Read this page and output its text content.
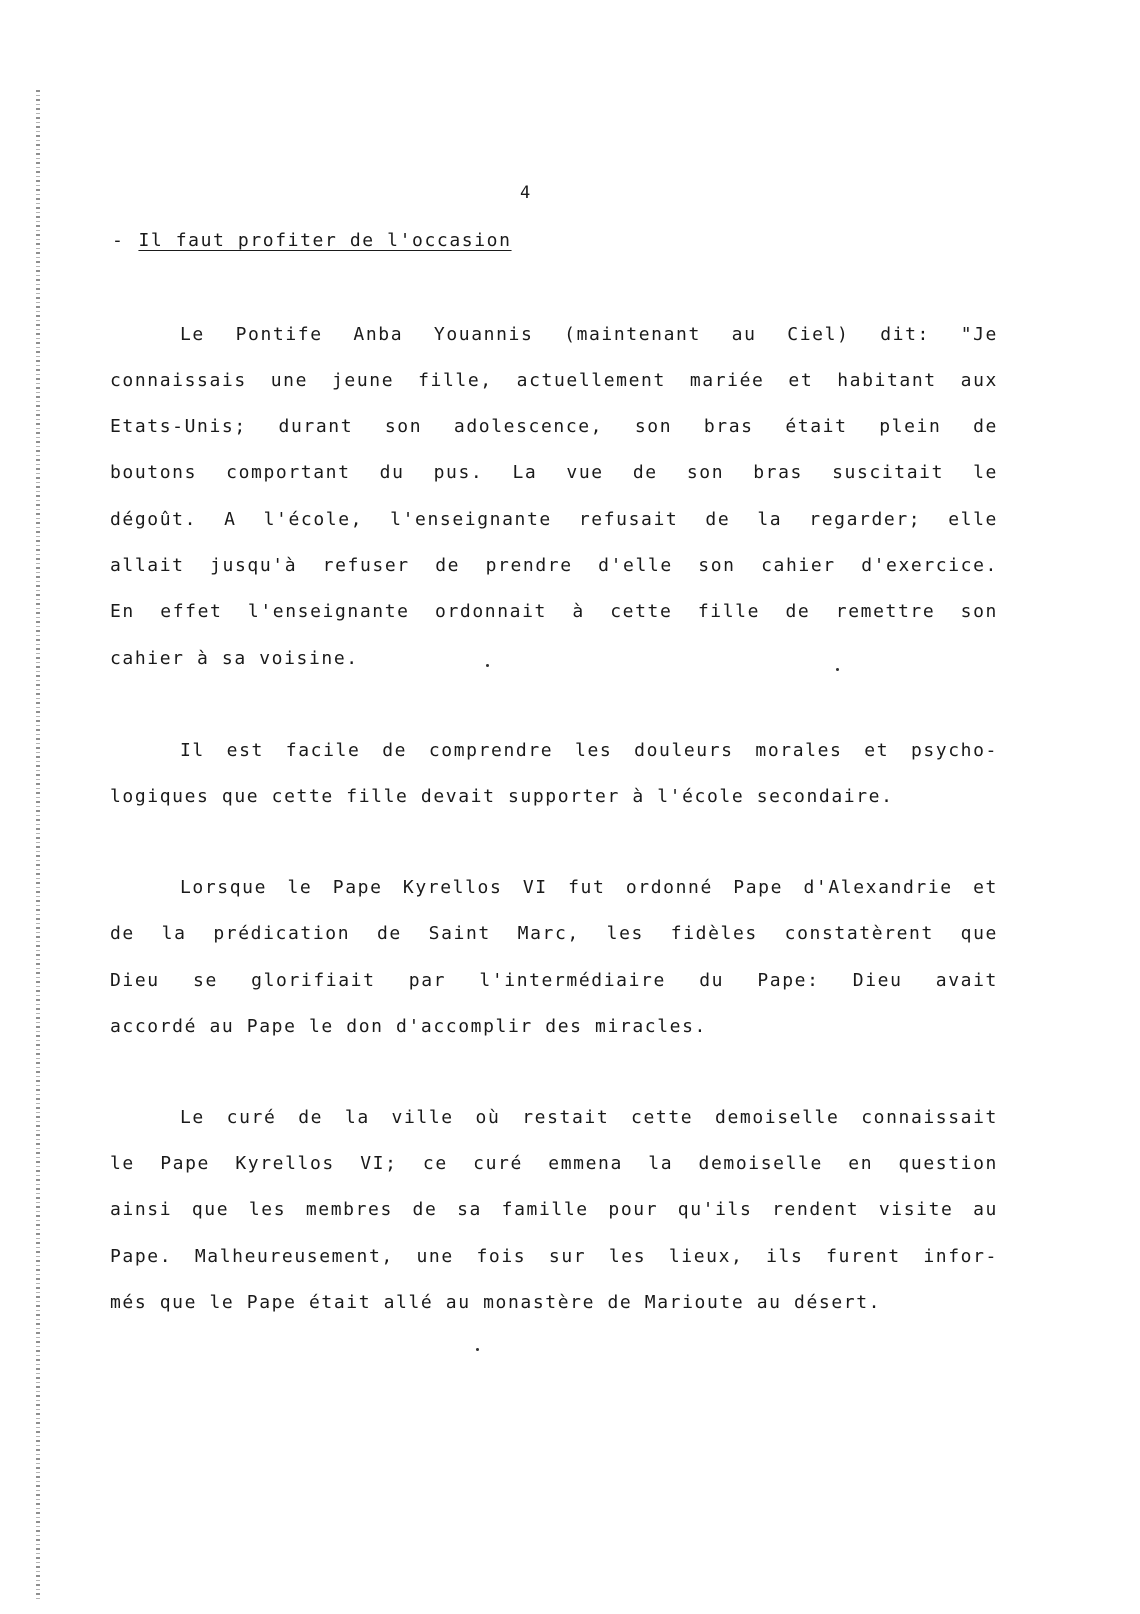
4
- Il faut profiter de l'occasion
Le Pontife Anba Youannis (maintenant au Ciel) dit: "Je
connaissais une jeune fille, actuellement mariée et habitant aux
Etats-Unis; durant son adolescence, son bras était plein de
boutons comportant du pus. La vue de son bras suscitait le
dégoût. A l'école, l'enseignante refusait de la regarder; elle
allait jusqu'à refuser de prendre d'elle son cahier d'exercice.
En effet l'enseignante ordonnait à cette fille de remettre son
cahier à sa voisine.
Il est facile de comprendre les douleurs morales et psycho-
logiques que cette fille devait supporter à l'école secondaire.
Lorsque le Pape Kyrellos VI fut ordonné Pape d'Alexandrie et
de la prédication de Saint Marc, les fidèles constatèrent que
Dieu se glorifiait par l'intermédiaire du Pape: Dieu avait
accordé au Pape le don d'accomplir des miracles.
Le curé de la ville où restait cette demoiselle connaissait
le Pape Kyrellos VI; ce curé emmena la demoiselle en question
ainsi que les membres de sa famille pour qu'ils rendent visite au
Pape. Malheureusement, une fois sur les lieux, ils furent infor-
més que le Pape était allé au monastère de Marioute au désert.
